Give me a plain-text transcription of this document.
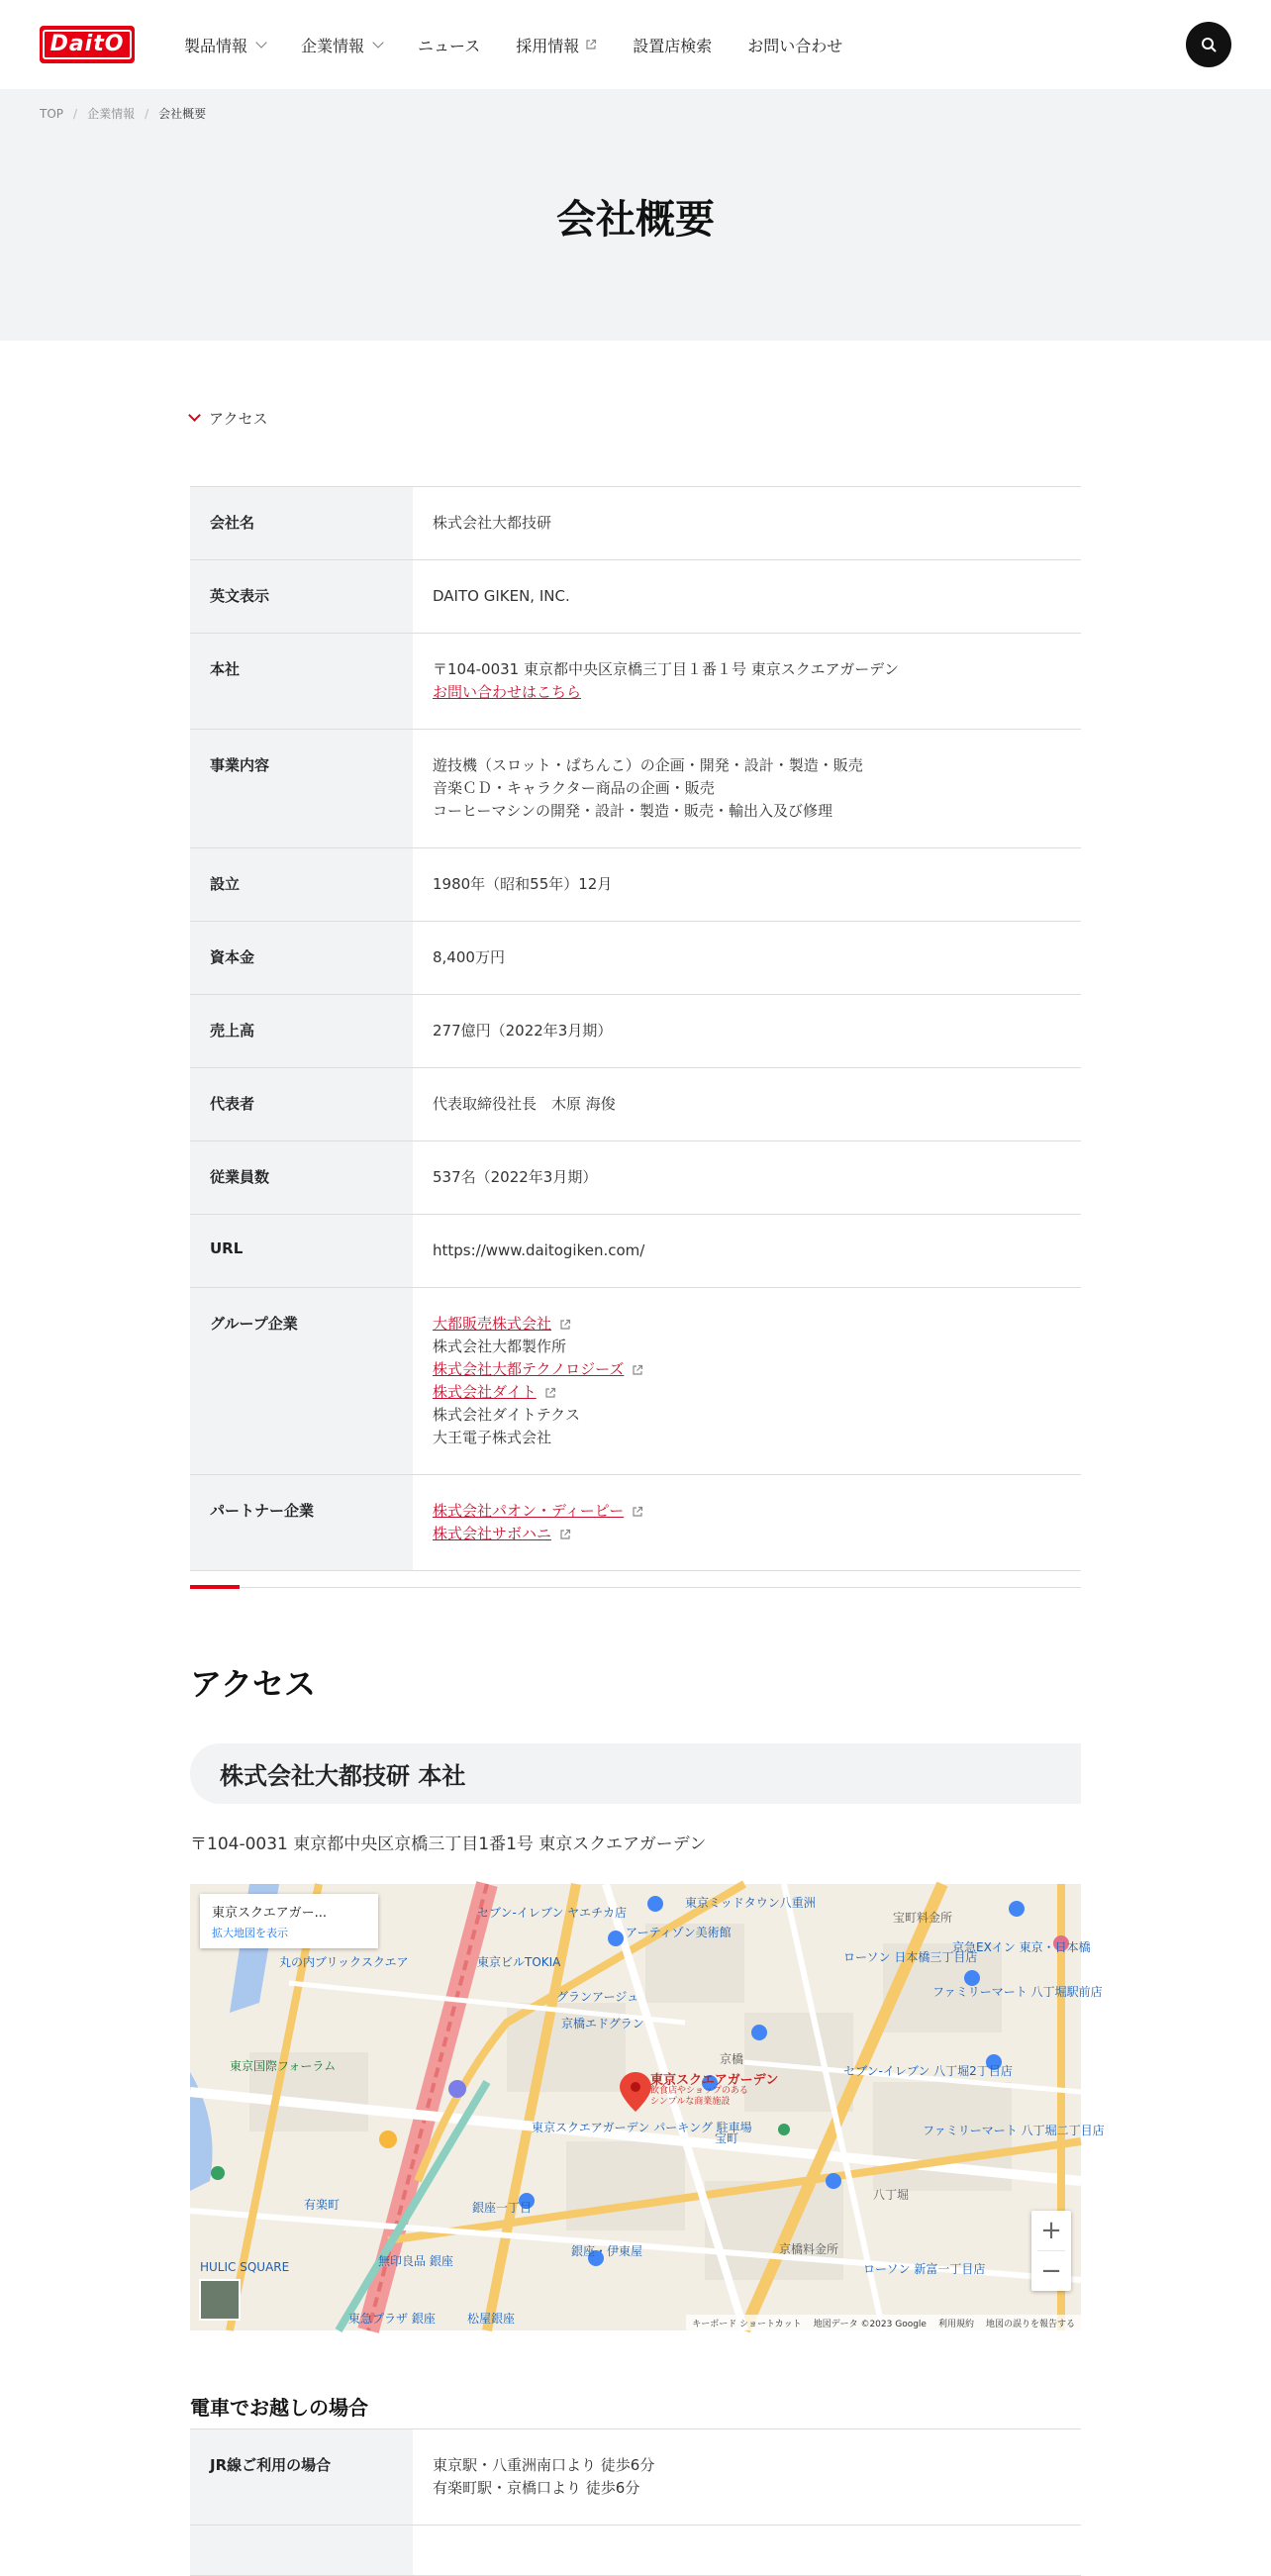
DaitO	製品情報	企業情報	ニュース 採用情報	設置店検索 お問い合わせ
TOP / 企業情報 / 会社概要
会社概要
アクセス
会社名	株式会社大都技研
英文表示	DAITO GIKEN, INC.
本社	〒104-0031 東京都中央区京橋三丁目１番１号 東京スクエアガーデン
お問い合わせはこちら
事業内容	遊技機（スロット・ぱちんこ）の企画・開発・設計・製造・販売
音楽ＣＤ・キャラクター商品の企画・販売
コーヒーマシンの開発・設計・製造・販売・輸出入及び修理
設立	1980年（昭和55年）12月
資本金	8,400万円
売上高	277億円（2022年3月期）
代表者	代表取締役社長　木原 海俊
従業員数	537名（2022年3月期）
URL	https://www.daitogiken.com/
グループ企業	大都販売株式会社
株式会社大都製作所
株式会社大都テクノロジーズ
株式会社ダイト
株式会社ダイトテクス
大王電子株式会社
パートナー企業	株式会社パオン・ディーピー
株式会社サボハニ
アクセス
株式会社大都技研 本社
〒104-0031 東京都中央区京橋三丁目1番1号 東京スクエアガーデン
東京ミッドタウン八重洲
アーティゾン美術館
セブン-イレブン ヤエチカ店
東京ビルTOKIA
丸の内ブリックスクエア
グランアージュ
京橋エドグラン
東京国際フォーラム
ローソン 日本橋三丁目店
宝町
銀座一丁目
有楽町
無印良品 銀座
銀座・伊東屋
松屋銀座
東急プラザ 銀座
HULIC SQUARE
東京スクエアガーデン パーキング 駐車場
ファミリーマート 八丁堀駅前店
セブン-イレブン 八丁堀2丁目店
ファミリーマート 八丁堀二丁目店
ローソン 新富一丁目店
京急EXイン 東京・日本橋
京橋
八丁堀
宝町料金所
京橋料金所
東京スクエアガーデン
飲食店やショップのある
シンプルな商業施設
東京スクエアガー...
拡大地図を表示
+
−
キーボード ショートカット 地図データ ©2023 Google 利用規約 地図の誤りを報告する
電車でお越しの場合
JR線ご利用の場合	東京駅・八重洲南口より 徒歩6分
有楽町駅・京橋口より 徒歩6分
